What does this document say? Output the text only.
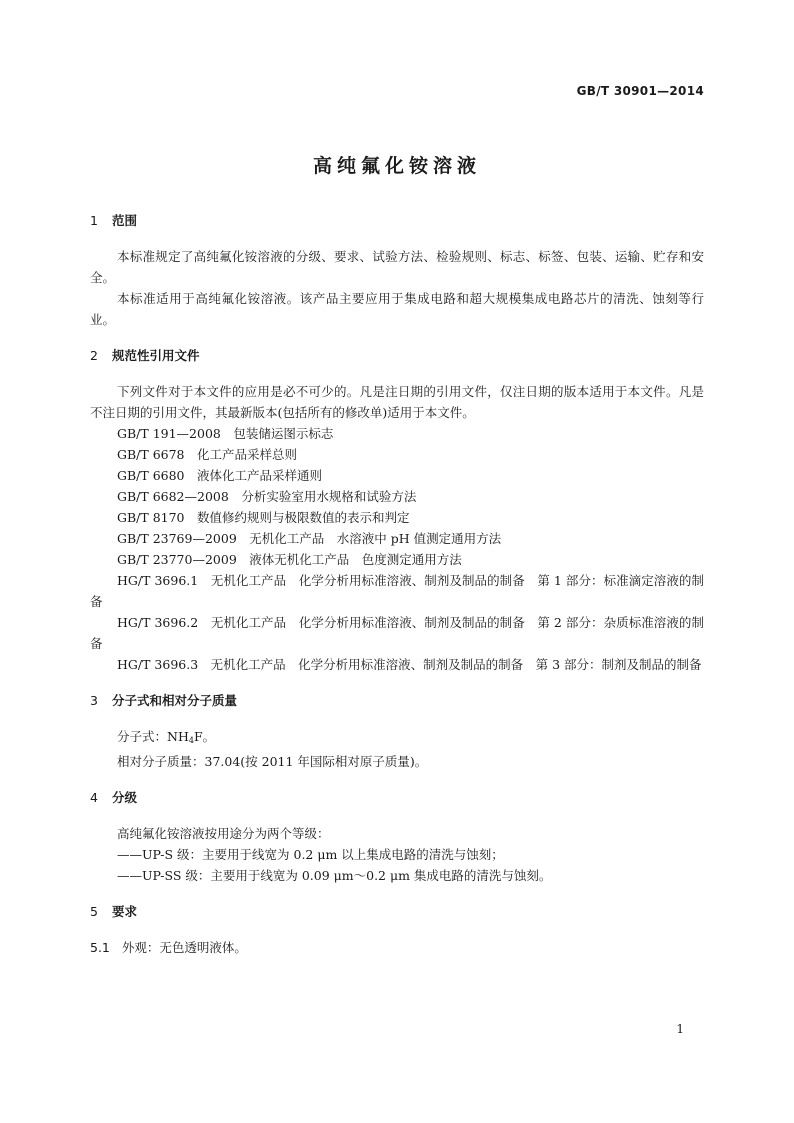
GB/T 30901—2014
高纯氟化铵溶液
1 范围

本标准规定了高纯氟化铵溶液的分级、要求、试验方法、检验规则、标志、标签、包装、运输、贮存和安全。

本标准适用于高纯氟化铵溶液。该产品主要应用于集成电路和超大规模集成电路芯片的清洗、蚀刻等行业。

2 规范性引用文件

下列文件对于本文件的应用是必不可少的。凡是注日期的引用文件，仅注日期的版本适用于本文件。凡是不注日期的引用文件，其最新版本(包括所有的修改单)适用于本文件。

GB/T 191—2008　包装储运图示标志

GB/T 6678　化工产品采样总则

GB/T 6680　液体化工产品采样通则

GB/T 6682—2008　分析实验室用水规格和试验方法

GB/T 8170　数值修约规则与极限数值的表示和判定

GB/T 23769—2009　无机化工产品　水溶液中 pH 值测定通用方法

GB/T 23770—2009　液体无机化工产品　色度测定通用方法

HG/T 3696.1　无机化工产品　化学分析用标准溶液、制剂及制品的制备　第 1 部分：标准滴定溶液的制备

HG/T 3696.2　无机化工产品　化学分析用标准溶液、制剂及制品的制备　第 2 部分：杂质标准溶液的制备

HG/T 3696.3　无机化工产品　化学分析用标准溶液、制剂及制品的制备　第 3 部分：制剂及制品的制备

3 分子式和相对分子质量

分子式：$NH_4F$。

相对分子质量：37.04(按 2011 年国际相对原子质量)。

4 分级

高纯氟化铵溶液按用途分为两个等级：

——UP-S 级：主要用于线宽为 0.2 μm 以上集成电路的清洗与蚀刻；

——UP-SS 级：主要用于线宽为 0.09 μm～0.2 μm 集成电路的清洗与蚀刻。

5 要求
5.1 外观：无色透明液体。
1
